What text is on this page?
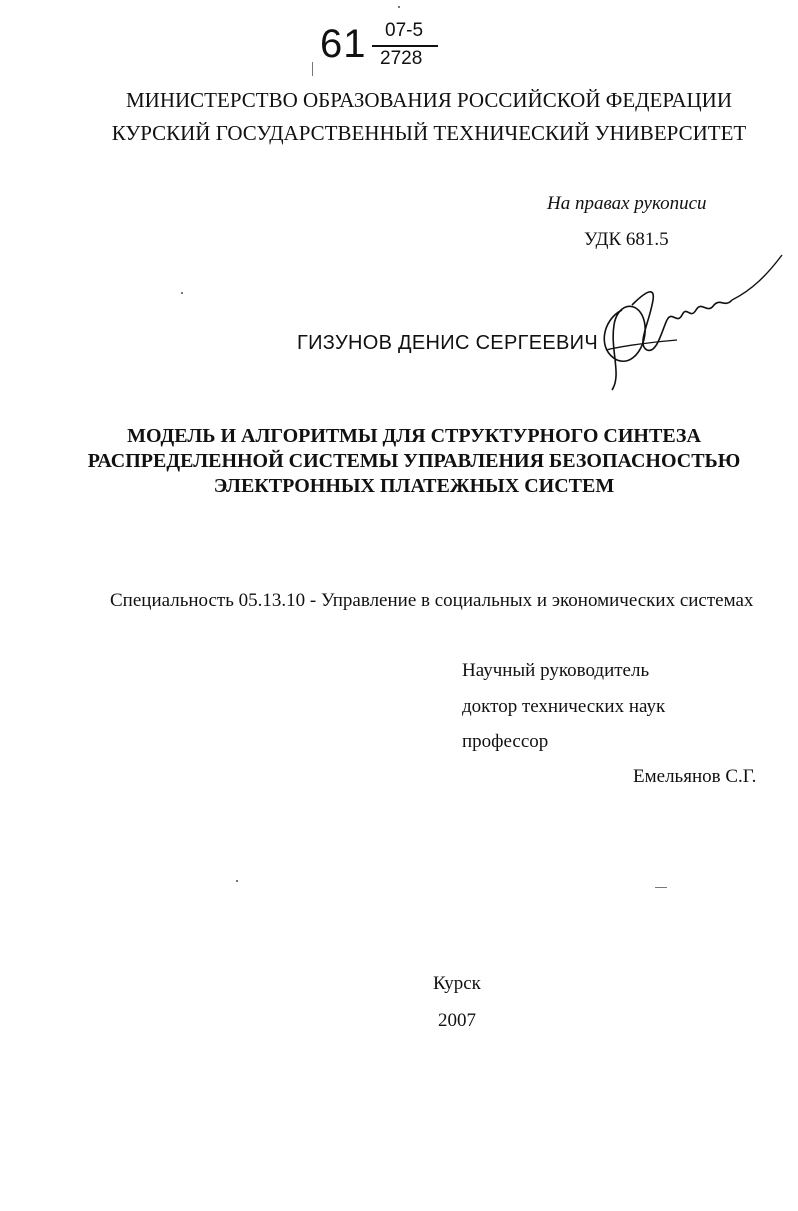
61 07-5
2728
МИНИСТЕРСТВО ОБРАЗОВАНИЯ РОССИЙСКОЙ ФЕДЕРАЦИИ
КУРСКИЙ ГОСУДАРСТВЕННЫЙ ТЕХНИЧЕСКИЙ УНИВЕРСИТЕТ
На правах рукописи
УДК 681.5
ГИЗУНОВ ДЕНИС СЕРГЕЕВИЧ
МОДЕЛЬ И АЛГОРИТМЫ ДЛЯ СТРУКТУРНОГО СИНТЕЗА
РАСПРЕДЕЛЕННОЙ СИСТЕМЫ УПРАВЛЕНИЯ БЕЗОПАСНОСТЬЮ
ЭЛЕКТРОННЫХ ПЛАТЕЖНЫХ СИСТЕМ
Специальность 05.13.10 - Управление в социальных и экономических системах
Научный руководитель
доктор технических наук
профессор
Емельянов С.Г.
Курск
2007
